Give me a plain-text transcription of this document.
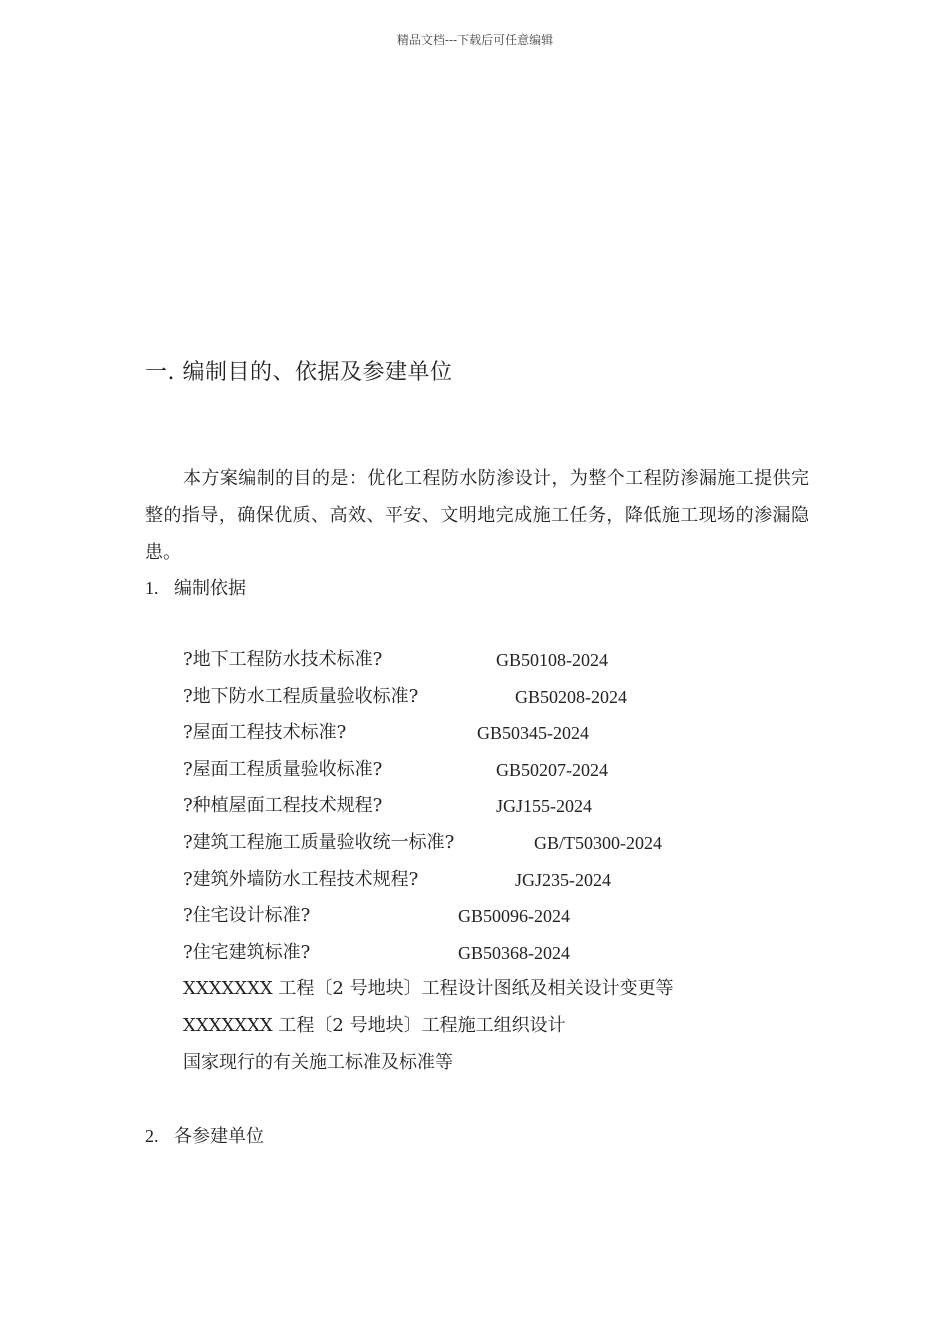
精品文档---下载后可任意编辑
一. 编制目的、依据及参建单位
本方案编制的目的是：优化工程防水防渗设计，为整个工程防渗漏施工提供完整的指导，确保优质、高效、平安、文明地完成施工任务，降低施工现场的渗漏隐患。
1. 编制依据
?地下工程防水技术标准?	GB50108-2024
?地下防水工程质量验收标准?	GB50208-2024
?屋面工程技术标准?	GB50345-2024
?屋面工程质量验收标准?	GB50207-2024
?种植屋面工程技术规程?	JGJ155-2024
?建筑工程施工质量验收统一标准?	GB/T50300-2024
?建筑外墙防水工程技术规程?	JGJ235-2024
?住宅设计标准?	GB50096-2024
?住宅建筑标准?	GB50368-2024
XXXXXXX 工程〔2 号地块〕工程设计图纸及相关设计变更等
XXXXXXX 工程〔2 号地块〕工程施工组织设计
国家现行的有关施工标准及标准等
2. 各参建单位
